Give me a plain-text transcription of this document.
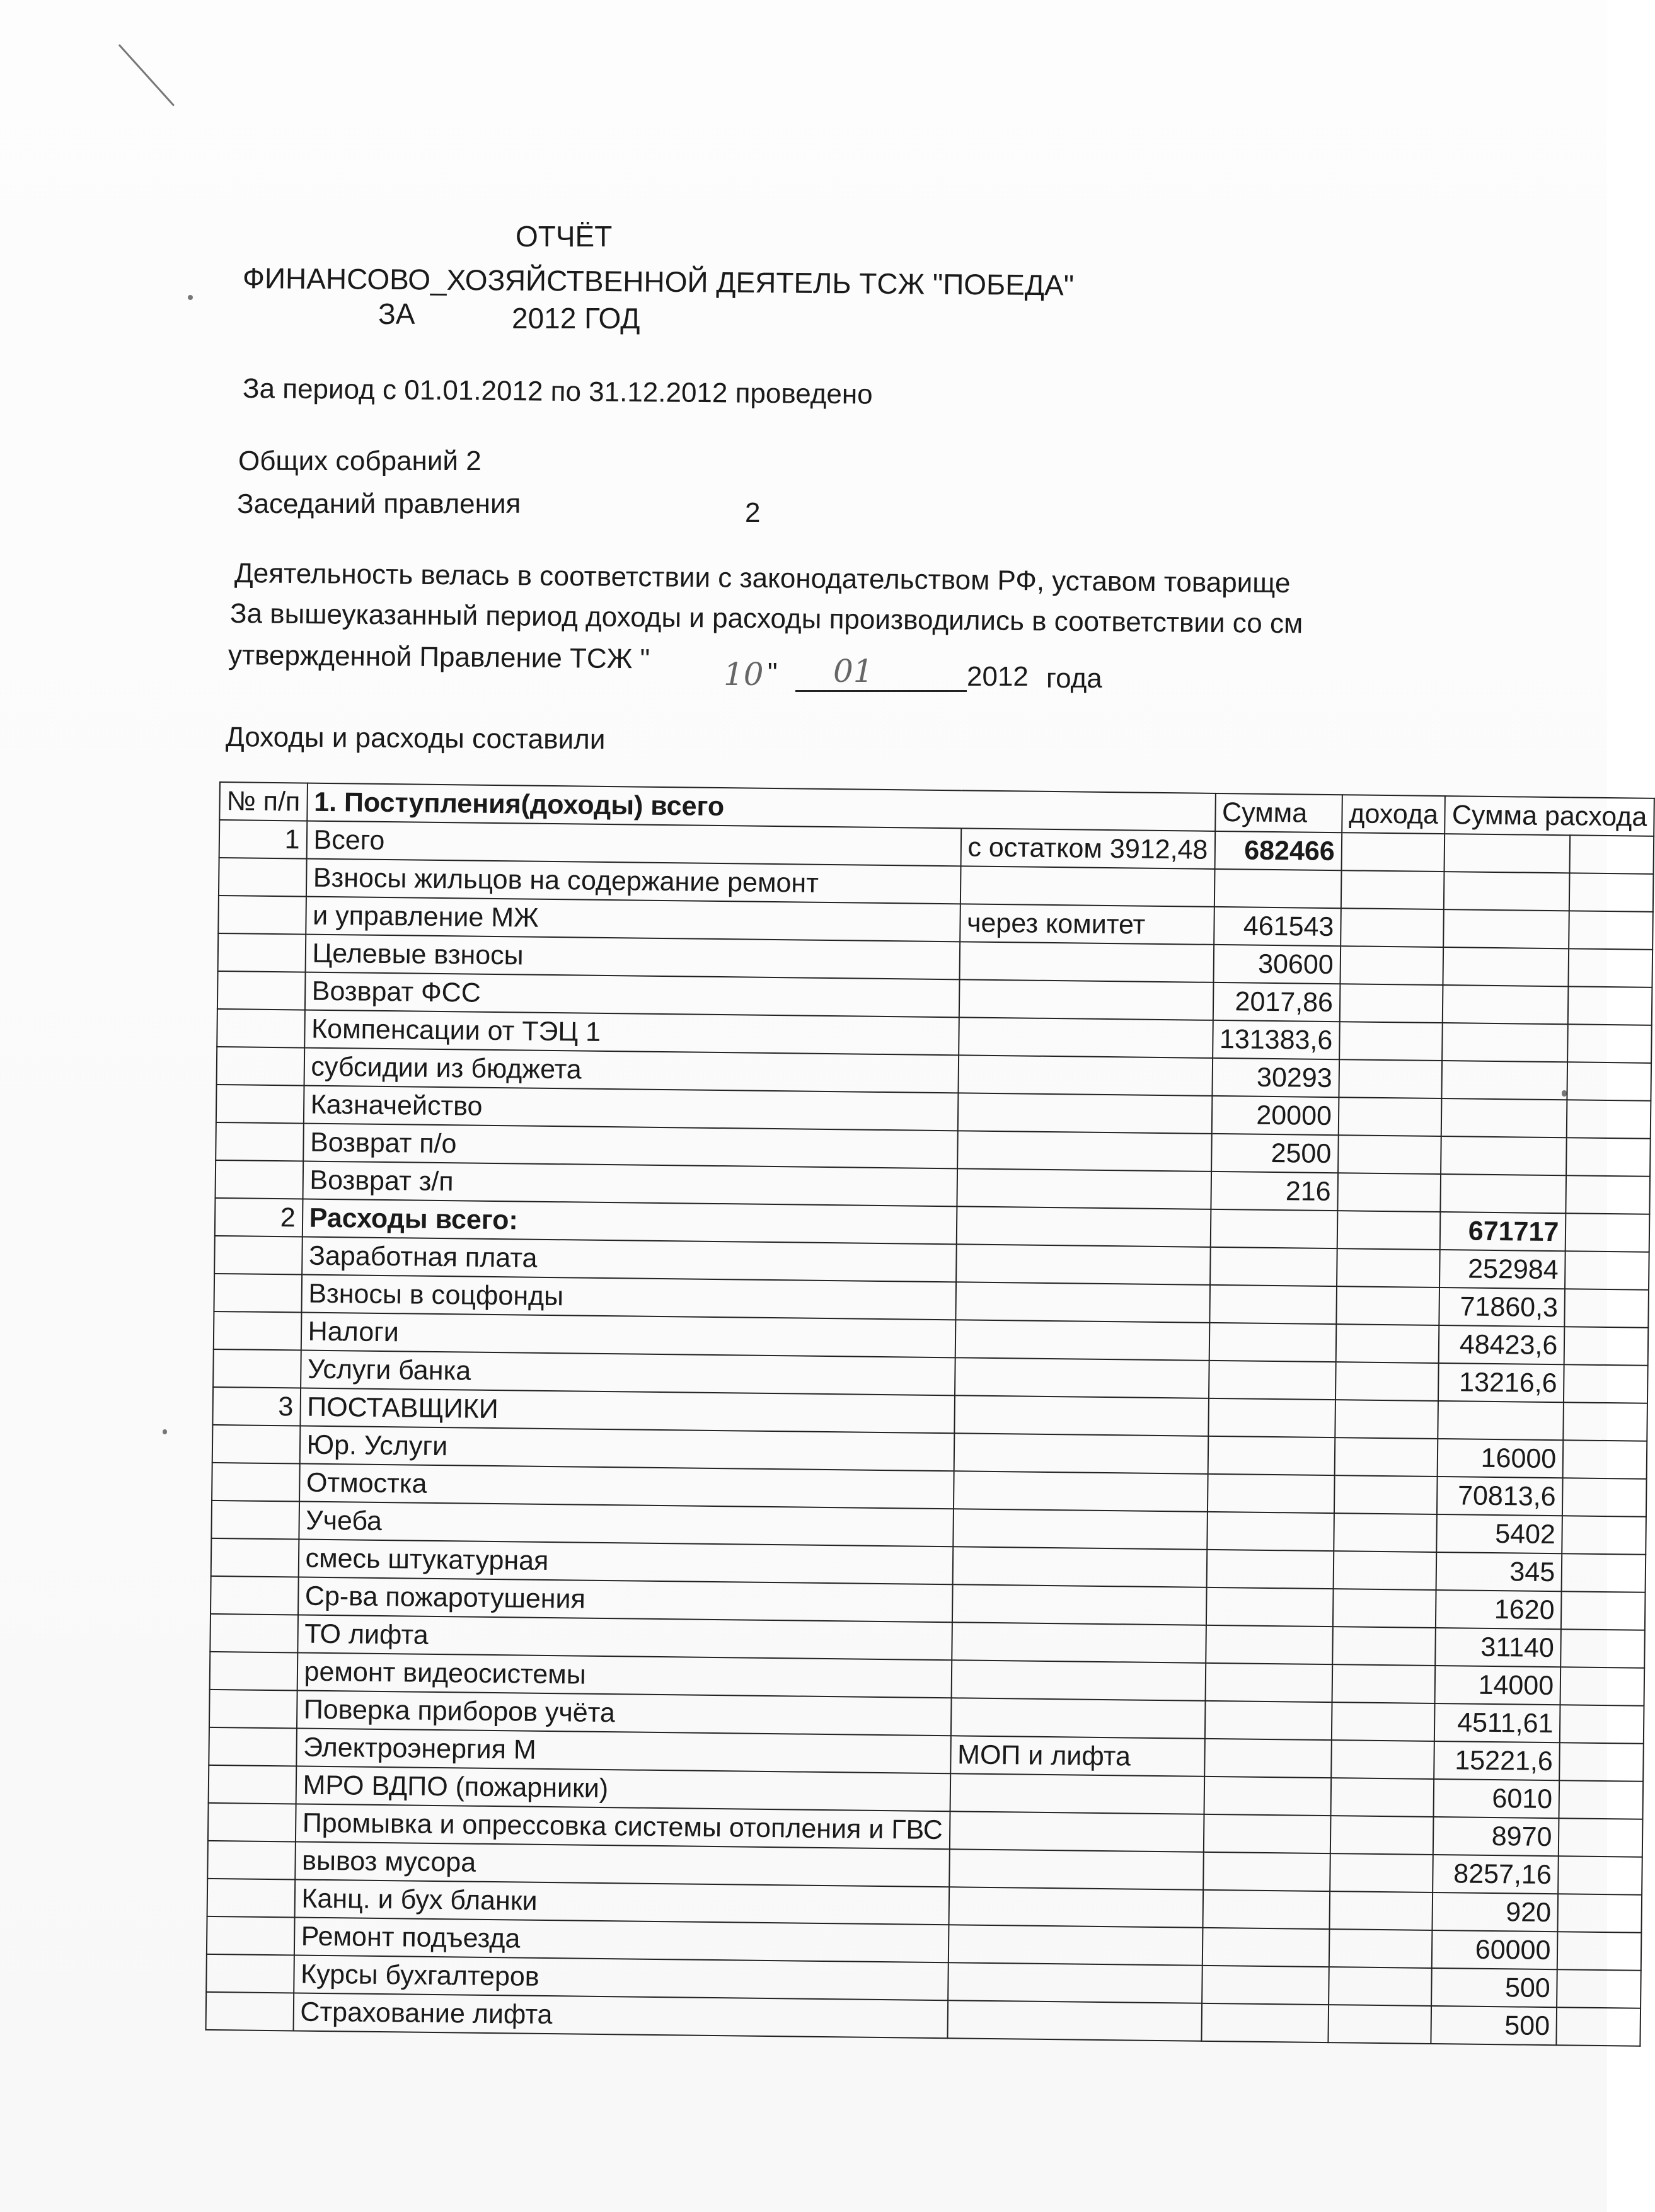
ОТЧЁТ
ФИНАНСОВО_ХОЗЯЙСТВЕННОЙ ДЕЯТЕЛЬ ТСЖ "ПОБЕДА"
ЗА	2012 ГОД
За период с 01.01.2012 по 31.12.2012 проведено
Общих собраний 2
Заседаний правления	2
Деятельность велась в соответствии с законодательством РФ, уставом товарище
За вышеуказанный период доходы и расходы производились в соответствии со см
утвержденной Правление ТСЖ " 10 " 01	2012 года
Доходы и расходы составили
№ п/п	1. Поступления(доходы) всего		Сумма	дохода	Сумма расхода	
1	Всего	с остатком 3912,48	682466			
	Взносы жильцов на содержание ремонт					
	и управление МЖ	через комитет	461543			
	Целевые взносы		30600			
	Возврат ФСС		2017,86			
	Компенсации от ТЭЦ 1		131383,6			
	субсидии из бюджета		30293			
	Казначейство		20000			
	Возврат п/о		2500			
	Возврат з/п		216			
2	Расходы всего:				671717	
	Заработная плата				252984	
	Взносы в соцфонды				71860,3	
	Налоги				48423,6	
	Услуги банка				13216,6	
3	ПОСТАВЩИКИ					
	Юр. Услуги				16000	
	Отмостка				70813,6	
	Учеба				5402	
	смесь штукатурная				345	
	Ср-ва пожаротушения				1620	
	ТО лифта				31140	
	ремонт видеосистемы				14000	
	Поверка приборов учёта				4511,61	
	Электроэнергия М	МОП и лифта			15221,6	
	МРО ВДПО (пожарники)				6010	
	Промывка и опрессовка системы отопления и ГВС				8970	
	вывоз мусора				8257,16	
	Канц. и бух бланки				920	
	Ремонт подъезда				60000	
	Курсы бухгалтеров				500	
	Страхование лифта				500	
